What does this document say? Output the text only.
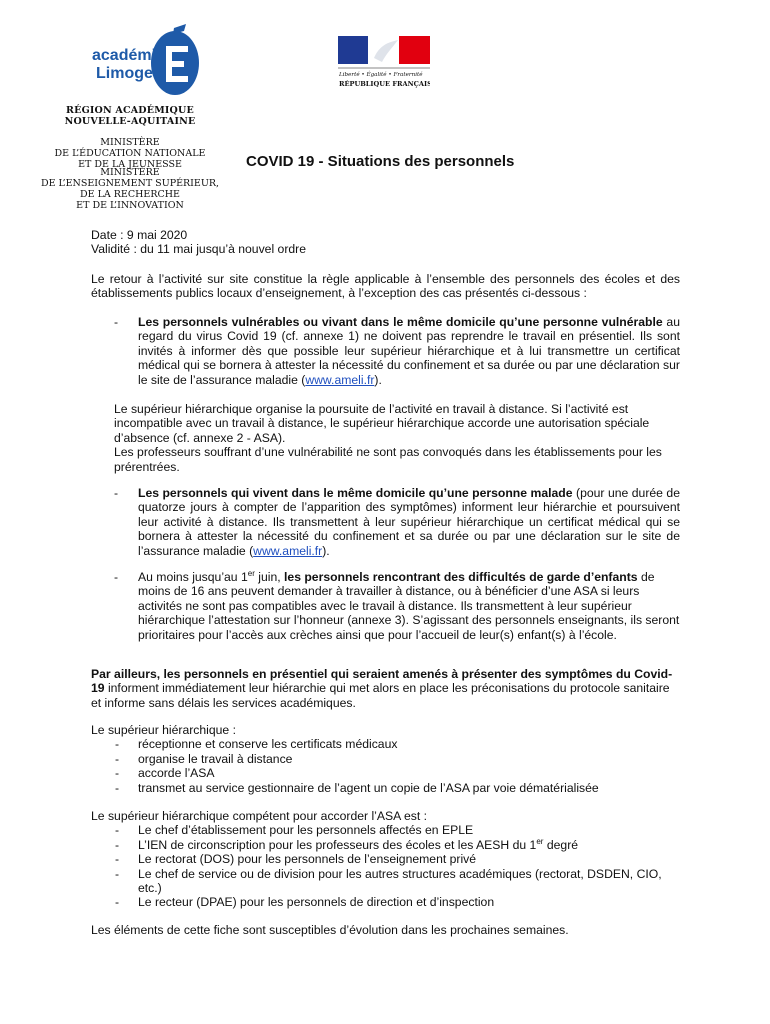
académie
Limoges	Liberté • Égalité • Fraternité
RÉPUBLIQUE FRANÇAISE
RÉGION ACADÉMIQUE
NOUVELLE-AQUITAINE
MINISTÈRE
DE L’ÉDUCATION NATIONALE
ET DE LA JEUNESSE
MINISTÈRE
DE L’ENSEIGNEMENT SUPÉRIEUR,
DE LA RECHERCHE
ET DE L’INNOVATION
COVID 19 - Situations des personnels
Date : 9 mai 2020
Validité : du 11 mai jusqu’à nouvel ordre
Le retour à l’activité sur site constitue la règle applicable à l’ensemble des personnels des écoles et des établissements publics locaux d’enseignement, à l’exception des cas présentés ci-dessous :
- Les personnels vulnérables ou vivant dans le même domicile qu’une personne vulnérable au regard du virus Covid 19 (cf. annexe 1) ne doivent pas reprendre le travail en présentiel. Ils sont invités à informer dès que possible leur supérieur hiérarchique et à lui transmettre un certificat médical qui se bornera à attester la nécessité du confinement et sa durée ou par une déclaration sur le site de l’assurance maladie (www.ameli.fr).
Le supérieur hiérarchique organise la poursuite de l’activité en travail à distance. Si l’activité est incompatible avec un travail à distance, le supérieur hiérarchique accorde une autorisation spéciale d’absence (cf. annexe 2 - ASA).
Les professeurs souffrant d’une vulnérabilité ne sont pas convoqués dans les établissements pour les prérentrées.
- Les personnels qui vivent dans le même domicile qu’une personne malade (pour une durée de quatorze jours à compter de l’apparition des symptômes) informent leur hiérarchie et poursuivent leur activité à distance. Ils transmettent à leur supérieur hiérarchique un certificat médical qui se bornera à attester la nécessité du confinement et sa durée ou par une déclaration sur le site de l’assurance maladie (www.ameli.fr).
- Au moins jusqu’au 1er juin, les personnels rencontrant des difficultés de garde d’enfants de moins de 16 ans peuvent demander à travailler à distance, ou à bénéficier d’une ASA si leurs activités ne sont pas compatibles avec le travail à distance. Ils transmettent à leur supérieur hiérarchique l’attestation sur l’honneur (annexe 3). S’agissant des personnels enseignants, ils seront prioritaires pour l’accès aux crèches ainsi que pour l’accueil de leur(s) enfant(s) à l’école.
Par ailleurs, les personnels en présentiel qui seraient amenés à présenter des symptômes du Covid-19 informent immédiatement leur hiérarchie qui met alors en place les préconisations du protocole sanitaire et informe sans délais les services académiques.
Le supérieur hiérarchique :
- réceptionne et conserve les certificats médicaux
- organise le travail à distance
- accorde l’ASA
- transmet au service gestionnaire de l’agent un copie de l’ASA par voie dématérialisée
Le supérieur hiérarchique compétent pour accorder l’ASA est :
- Le chef d’établissement pour les personnels affectés en EPLE
- L’IEN de circonscription pour les professeurs des écoles et les AESH du 1er degré
- Le rectorat (DOS) pour les personnels de l’enseignement privé
- Le chef de service ou de division pour les autres structures académiques (rectorat, DSDEN, CIO, etc.)
- Le recteur (DPAE) pour les personnels de direction et d’inspection
Les éléments de cette fiche sont susceptibles d’évolution dans les prochaines semaines.
